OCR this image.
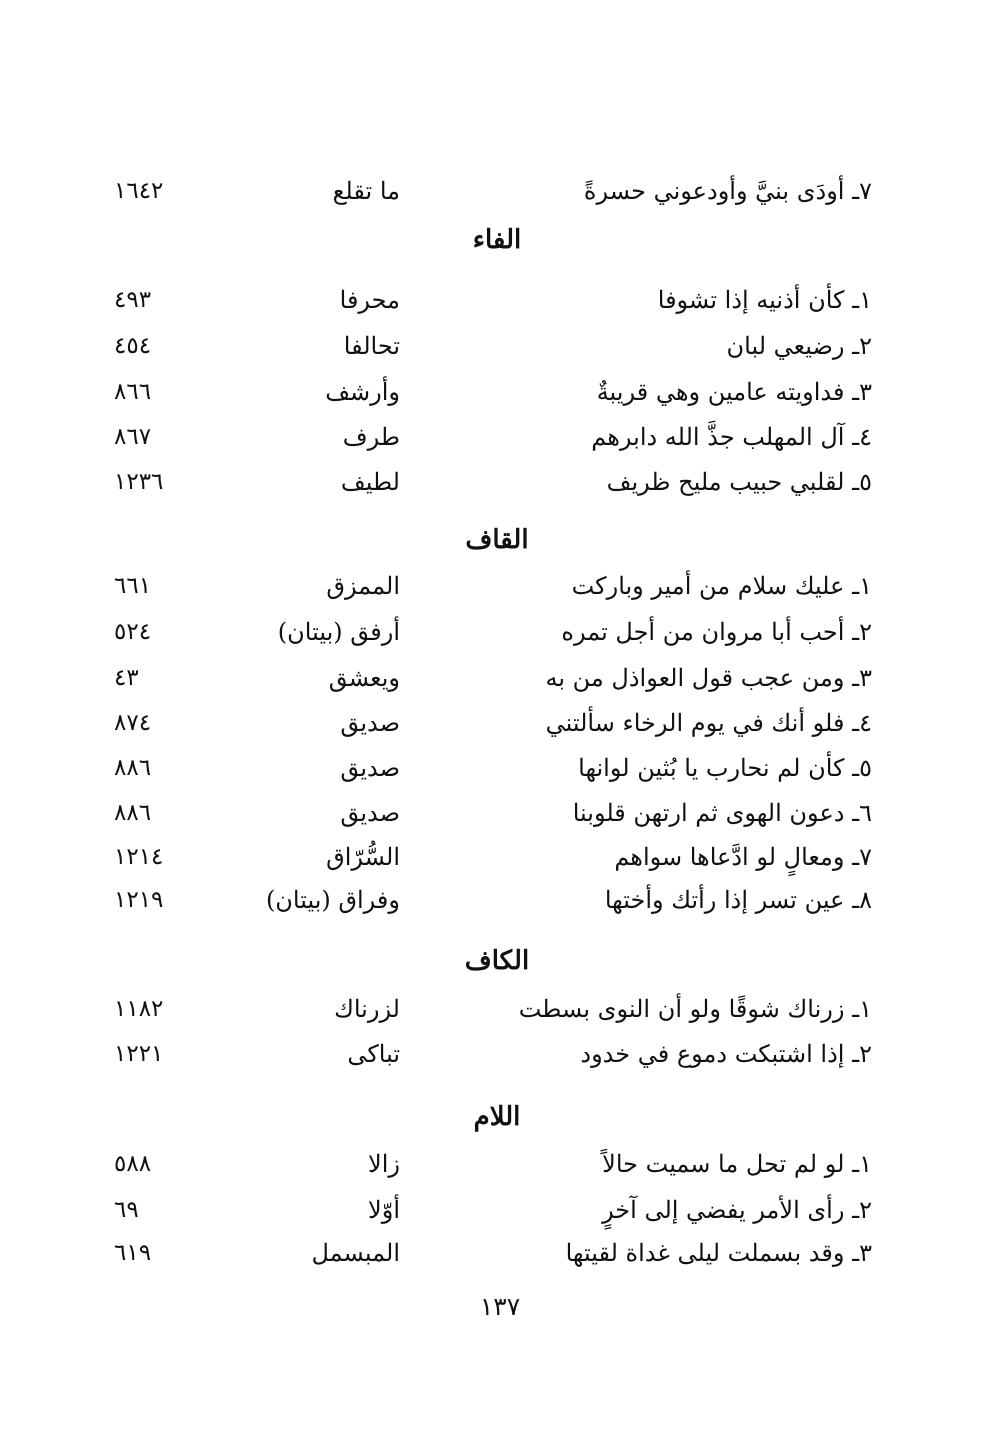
٧ـ أودَى بنيَّ وأودعوني حسرةً
ما تقلع
١٦٤٢
الفاء
١ـ كأن أذنيه إذا تشوفا
محرفا
٤٩٣
٢ـ رضيعي لبان
تحالفا
٤٥٤
٣ـ فداويته عامين وهي قريبةٌ
وأرشف
٨٦٦
٤ـ آل المهلب جذَّ الله دابرهم
طرف
٨٦٧
٥ـ لقلبي حبيب مليح ظريف
لطيف
١٢٣٦
القاف
١ـ عليك سلام من أمير وباركت
الممزق
٦٦١
٢ـ أحب أبا مروان من أجل تمره
أرفق (بيتان)
٥٢٤
٣ـ ومن عجب قول العواذل من به
ويعشق
٤٣
٤ـ فلو أنك في يوم الرخاء سألتني
صديق
٨٧٤
٥ـ كأن لم نحارب يا بُثين لوانها
صديق
٨٨٦
٦ـ دعون الهوى ثم ارتهن قلوبنا
صديق
٨٨٦
٧ـ ومعالٍ لو ادَّعاها سواهم
السُّرّاق
١٢١٤
٨ـ عين تسر إذا رأتك وأختها
وفراق (بيتان)
١٢١٩
الكاف
١ـ زرناك شوقًا ولو أن النوى بسطت
لزرناك
١١٨٢
٢ـ إذا اشتبكت دموع في خدود
تباكى
١٢٢١
اللام
١ـ لو لم تحل ما سميت حالاً
زالا
٥٨٨
٢ـ رأى الأمر يفضي إلى آخرٍ
أوّلا
٦٩
٣ـ وقد بسملت ليلى غداة لقيتها
المبسمل
٦١٩
١٣٧
